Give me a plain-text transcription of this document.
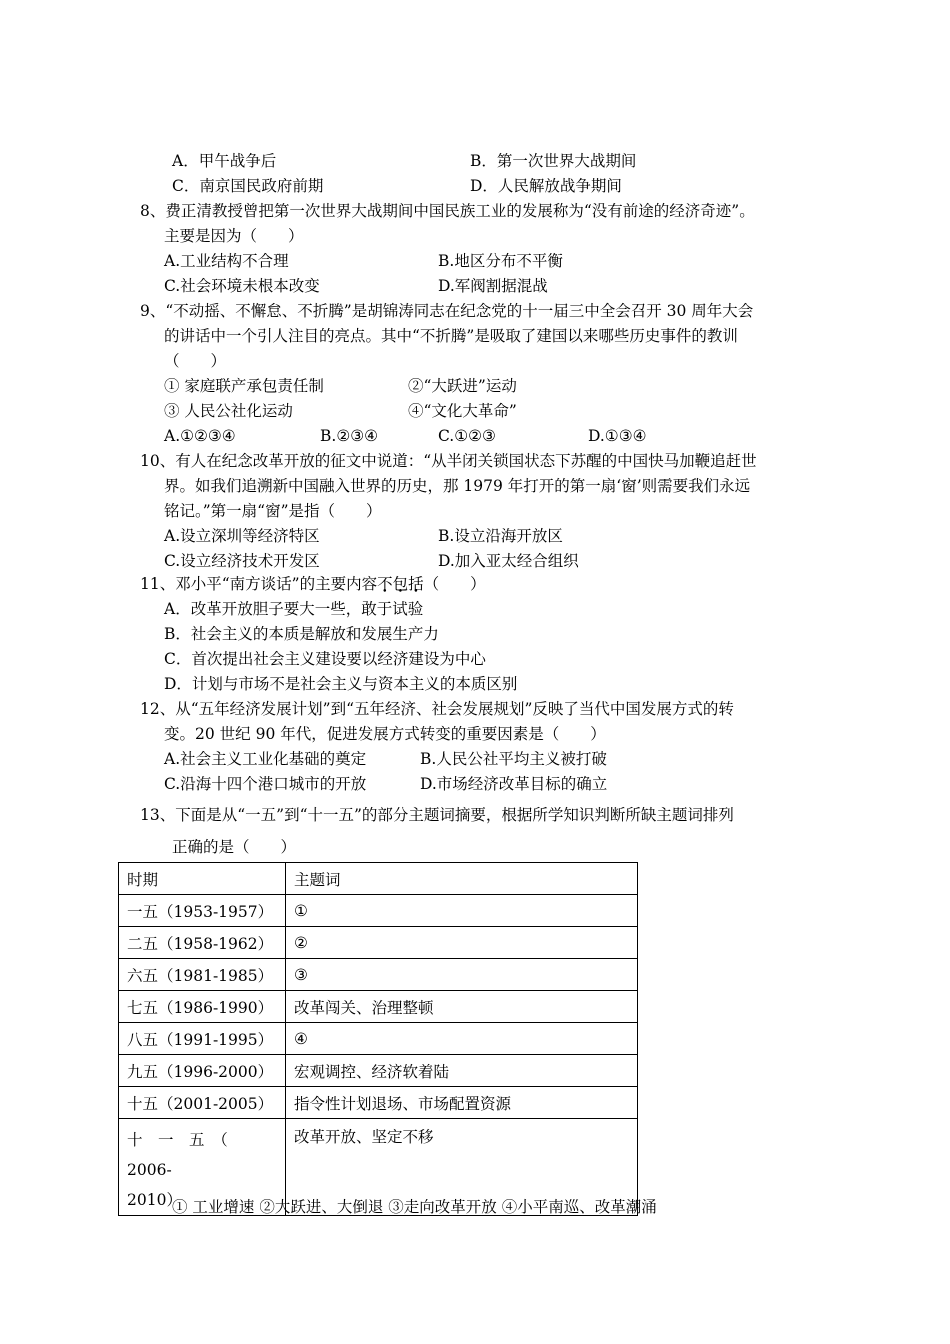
A．甲午战争后	B．第一次世界大战期间
C．南京国民政府前期	D．人民解放战争期间
8、费正清教授曾把第一次世界大战期间中国民族工业的发展称为“没有前途的经济奇迹”。
主要是因为（　　）
A.工业结构不合理	B.地区分布不平衡
C.社会环境未根本改变	D.军阀割据混战
9、“不动摇、不懈怠、不折腾”是胡锦涛同志在纪念党的十一届三中全会召开 30 周年大会
的讲话中一个引人注目的亮点。其中“不折腾”是吸取了建国以来哪些历史事件的教训
（　　）
① 家庭联产承包责任制	②“大跃进”运动
③ 人民公社化运动	④“文化大革命”
A.①②③④	B.②③④	C.①②③	D.①③④
10、有人在纪念改革开放的征文中说道：“从半闭关锁国状态下苏醒的中国快马加鞭追赶世
界。如我们追溯新中国融入世界的历史，那 1979 年打开的第一扇‘窗’则需要我们永远
铭记。”第一扇“窗”是指（　　）
A.设立深圳等经济特区	B.设立沿海开放区
C.设立经济技术开发区	D.加入亚太经合组织
11、邓小平“南方谈话”的主要内容不包括（　　）
A．改革开放胆子要大一些，敢于试验
B．社会主义的本质是解放和发展生产力
C．首次提出社会主义建设要以经济建设为中心
D．计划与市场不是社会主义与资本主义的本质区别
12、从“五年经济发展计划”到“五年经济、社会发展规划”反映了当代中国发展方式的转
变。20 世纪 90 年代，促进发展方式转变的重要因素是（　　）
A.社会主义工业化基础的奠定	B.人民公社平均主义被打破
C.沿海十四个港口城市的开放	D.市场经济改革目标的确立
13、下面是从“一五”到“十一五”的部分主题词摘要，根据所学知识判断所缺主题词排列
正确的是（　　）
时期	主题词
一五（1953-1957）	①
二五（1958-1962）	②
六五（1981-1985）	③
七五（1986-1990）	改革闯关、治理整顿
八五（1991-1995）	④
九五（1996-2000）	宏观调控、经济软着陆
十五（2001-2005）	指令性计划退场、市场配置资源

十　一　五　（　2006-
2010）	改革开放、坚定不移
① 工业增速 ②大跃进、大倒退 ③走向改革开放 ④小平南巡、改革潮涌
